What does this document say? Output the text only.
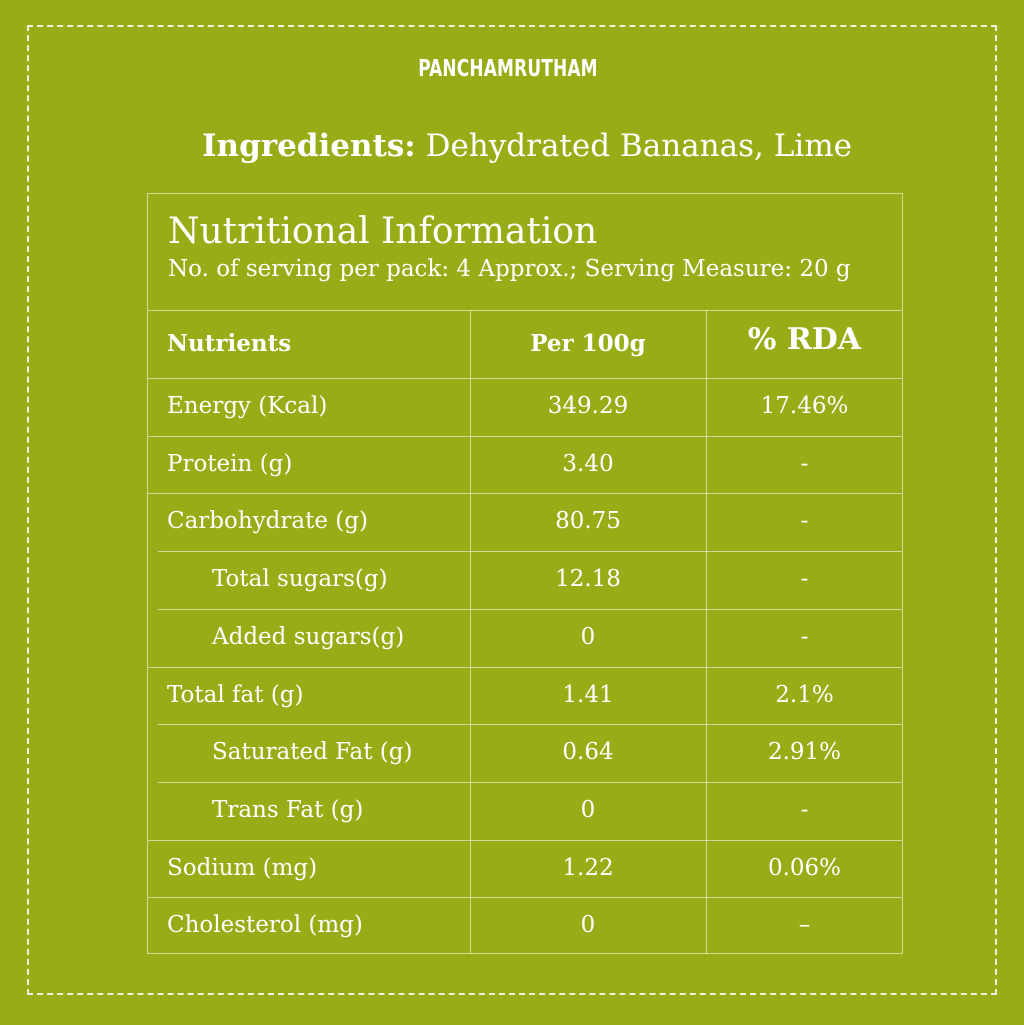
PANCHAMRUTHAM
Ingredients: Dehydrated Bananas, Lime
Nutritional Information
No. of serving per pack: 4 Approx.; Serving Measure: 20 g
Nutrients	Per 100g	% RDA
Energy (Kcal)	349.29	17.46%
Protein (g)	3.40	-
Carbohydrate (g)	80.75	-
Total sugars(g)	12.18	-
Added sugars(g)	0	-
Total fat (g)	1.41	2.1%
Saturated Fat (g)	0.64	2.91%
Trans Fat (g)	0	-
Sodium (mg)	1.22	0.06%
Cholesterol (mg)	0	–
